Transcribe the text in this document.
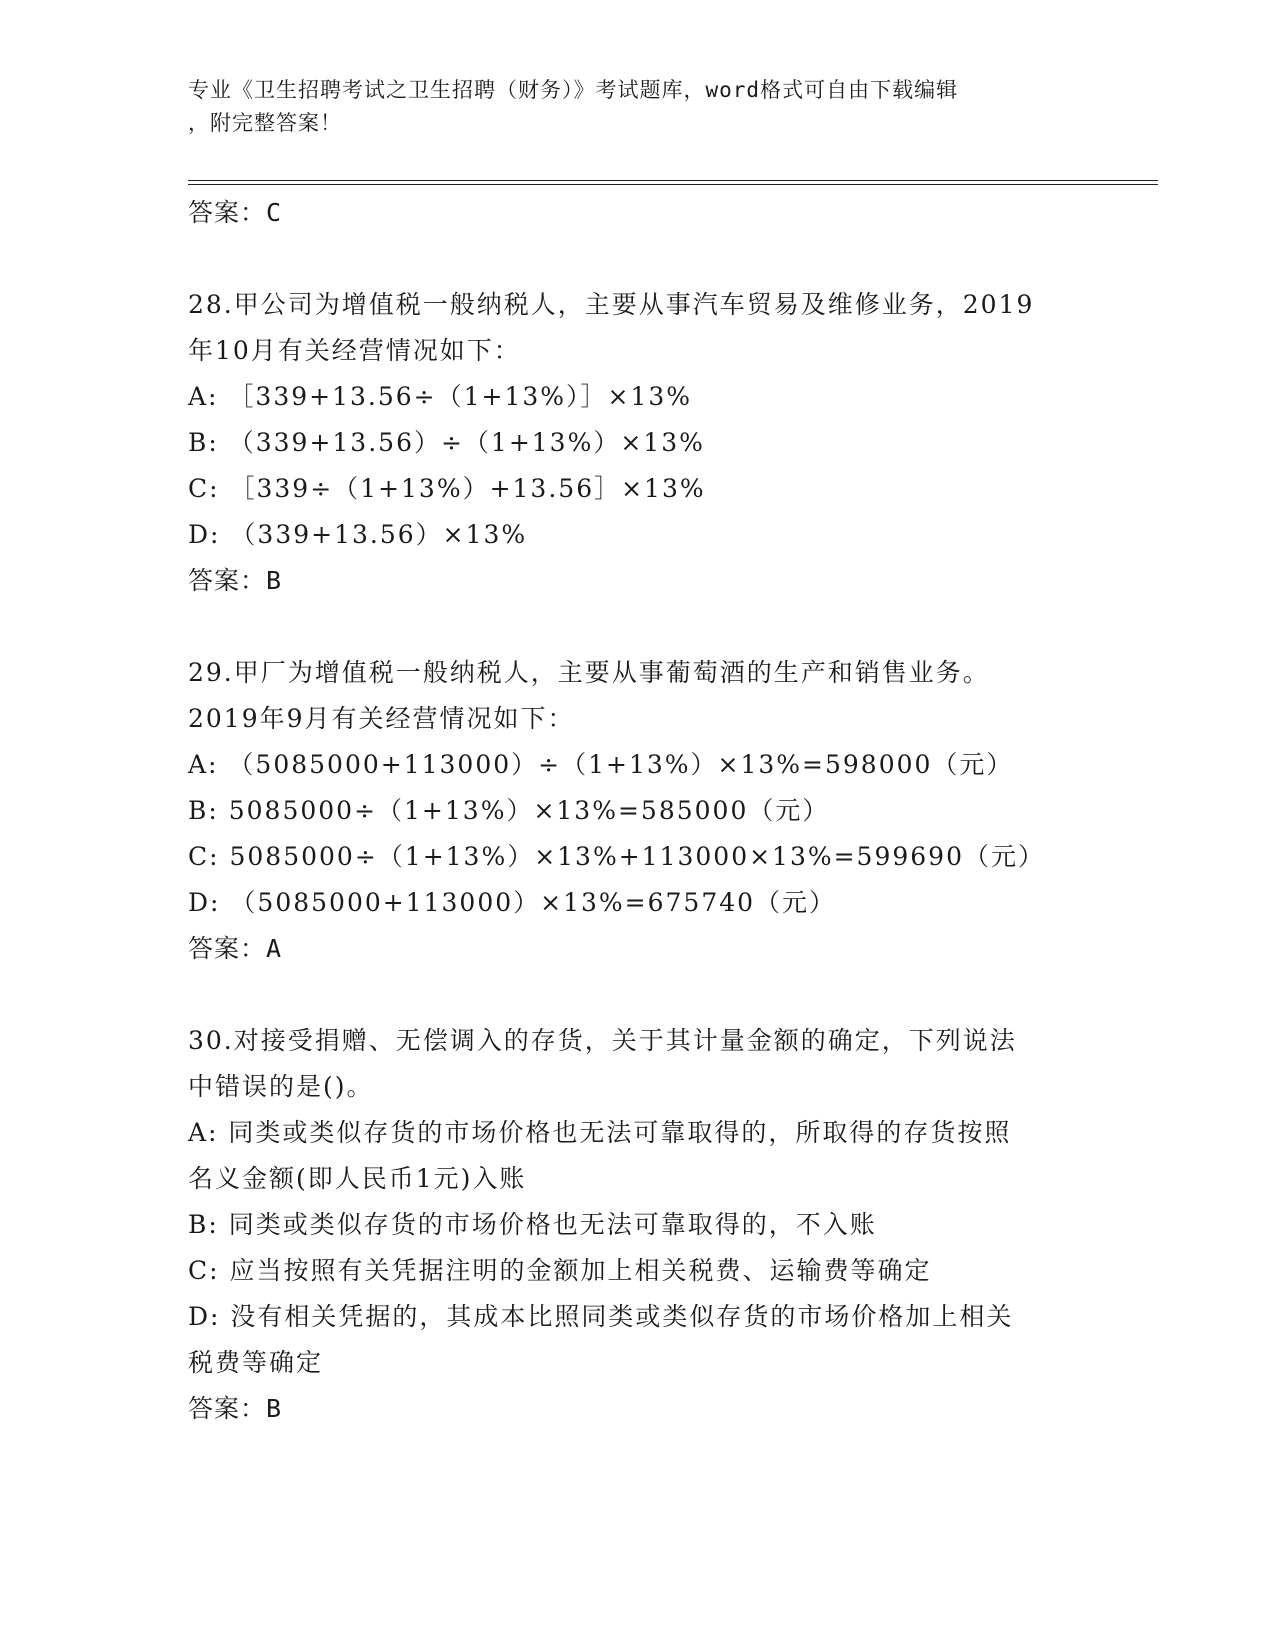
专业《卫生招聘考试之卫生招聘（财务）》考试题库，word格式可自由下载编辑
，附完整答案！
答案：C
28.甲公司为增值税一般纳税人，主要从事汽车贸易及维修业务，2019
年10月有关经营情况如下：
A: ［339+13.56÷（1+13%）］×13%
B: （339+13.56）÷（1+13%）×13%
C: ［339÷（1+13%）+13.56］×13%
D: （339+13.56）×13%
答案：B
29.甲厂为增值税一般纳税人，主要从事葡萄酒的生产和销售业务。
2019年9月有关经营情况如下：
A: （5085000+113000）÷（1+13%）×13%=598000（元）
B: 5085000÷（1+13%）×13%=585000（元）
C: 5085000÷（1+13%）×13%+113000×13%=599690（元）
D: （5085000+113000）×13%=675740（元）
答案：A
30.对接受捐赠、无偿调入的存货，关于其计量金额的确定，下列说法
中错误的是()。
A: 同类或类似存货的市场价格也无法可靠取得的，所取得的存货按照
名义金额(即人民币1元)入账
B: 同类或类似存货的市场价格也无法可靠取得的，不入账
C: 应当按照有关凭据注明的金额加上相关税费、运输费等确定
D: 没有相关凭据的，其成本比照同类或类似存货的市场价格加上相关
税费等确定
答案：B
